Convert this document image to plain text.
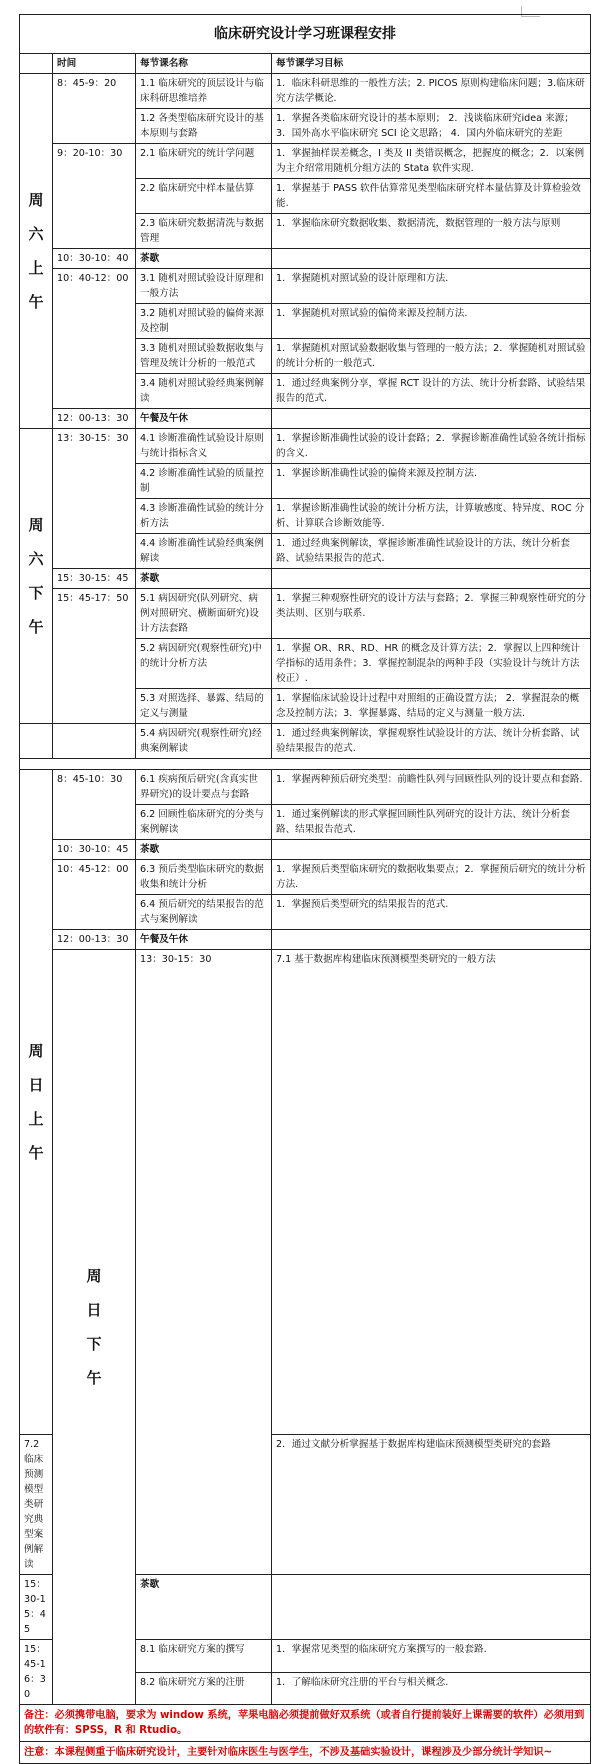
临床研究设计学习班课程安排				
	时间	每节课名称	每节课学习目标	
周
六
上
午	8：45-9：20	1.1 临床研究的顶层设计与临床科研思维培养	1．临床科研思维的一般性方法；2. PICOS 原则构建临床问题；3.临床研究方法学概论.	
		1.2 各类型临床研究设计的基本原则与套路	1．掌握各类临床研究设计的基本原则； 2．浅谈临床研究idea 来源； 3．国外高水平临床研究 SCI 论文思路； 4．国内外临床研究的差距	
	9：20-10：30	2.1 临床研究的统计学问题	1．掌握抽样误差概念，I 类及 II 类错误概念，把握度的概念；2．以案例为主介绍常用随机分组方法的 Stata 软件实现.	
		2.2 临床研究中样本量估算	1．掌握基于 PASS 软件估算常见类型临床研究样本量估算及计算检验效能.	
		2.3 临床研究数据清洗与数据管理	1．掌握临床研究数据收集、数据清洗，数据管理的一般方法与原则	
	10：30-10：40	茶歇		
	10：40-12：00	3.1 随机对照试验设计原理和一般方法	1．掌握随机对照试验的设计原理和方法.	
		3.2 随机对照试验的偏倚来源及控制	1．掌握随机对照试验的偏倚来源及控制方法.	
		3.3 随机对照试验数据收集与管理及统计分析的一般范式	1．掌握随机对照试验数据收集与管理的一般方法；2．掌握随机对照试验的统计分析的一般范式.	
		3.4 随机对照试验经典案例解读	1．通过经典案例分享，掌握 RCT 设计的方法、统计分析套路、试验结果报告的范式.	
	12：00-13：30	午餐及午休		
周
六
下
午	13：30-15：30	4.1 诊断准确性试验设计原则与统计指标含义	1．掌握诊断准确性试验的设计套路；2．掌握诊断准确性试验各统计指标的含义.	
		4.2 诊断准确性试验的质量控制	1．掌握诊断准确性试验的偏倚来源及控制方法.	
		4.3 诊断准确性试验的统计分析方法	1．掌握诊断准确性试验的统计分析方法，计算敏感度、特异度、ROC 分析、计算联合诊断效能等.	
		4.4 诊断准确性试验经典案例解读	1．通过经典案例解读，掌握诊断准确性试验设计的方法、统计分析套路、试验结果报告的范式.	
	15：30-15：45	茶歇		
	15：45-17：50	5.1 病因研究(队列研究、病例对照研究、横断面研究)设计方法套路	1．掌握三种观察性研究的设计方法与套路；2．掌握三种观察性研究的分类法则、区别与联系.	
		5.2 病因研究(观察性研究)中的统计分析方法	1．掌握 OR、RR、RD、HR 的概念及计算方法；2．掌握以上四种统计学指标的适用条件；3．掌握控制混杂的两种手段（实验设计与统计方法校正）.	
		5.3 对照选择、暴露、结局的定义与测量	1．掌握临床试验设计过程中对照组的正确设置方法； 2．掌握混杂的概念及控制方法；3．掌握暴露、结局的定义与测量一般方法.	
		5.4 病因研究(观察性研究)经典案例解读	1．通过经典案例解读，掌握观察性试验设计的方法、统计分析套路、试验结果报告的范式.	

周
日
上
午	8：45-10：30	6.1 疾病预后研究(含真实世界研究)的设计要点与套路	1．掌握两种预后研究类型：前瞻性队列与回顾性队列的设计要点和套路.	
		6.2 回顾性临床研究的分类与案例解读	1．通过案例解读的形式掌握回顾性队列研究的设计方法、统计分析套路、结果报告范式.	
	10：30-10：45	茶歇		
	10：45-12：00	6.3 预后类型临床研究的数据收集和统计分析	1．掌握预后类型临床研究的数据收集要点；2．掌握预后研究的统计分析方法.	
		6.4 预后研究的结果报告的范式与案例解读	1．掌握预后类型研究的结果报告的范式.	
	12：00-13：30	午餐及午休		
	周
日
下
午	13：30-15：30	7.1 基于数据库构建临床预测模型类研究的一般方法	
7.2 临床预测模型类研究典型案例解读			2．通过文献分析掌握基于数据库构建临床预测模型类研究的套路	
15：30-15：45		茶歇		
15：45-16：30		8.1 临床研究方案的撰写	1．掌握常见类型的临床研究方案撰写的一般套路.	
		8.2 临床研究方案的注册	1．了解临床研究注册的平台与相关概念.	
备注：必须携带电脑，要求为 window 系统，苹果电脑必须提前做好双系统（或者自行提前装好上课需要的软件）必须用到的软件有：SPSS，R 和 Rtudio。				
注意：本课程侧重于临床研究设计，主要针对临床医生与医学生，不涉及基础实验设计，课程涉及少部分统计学知识~				
